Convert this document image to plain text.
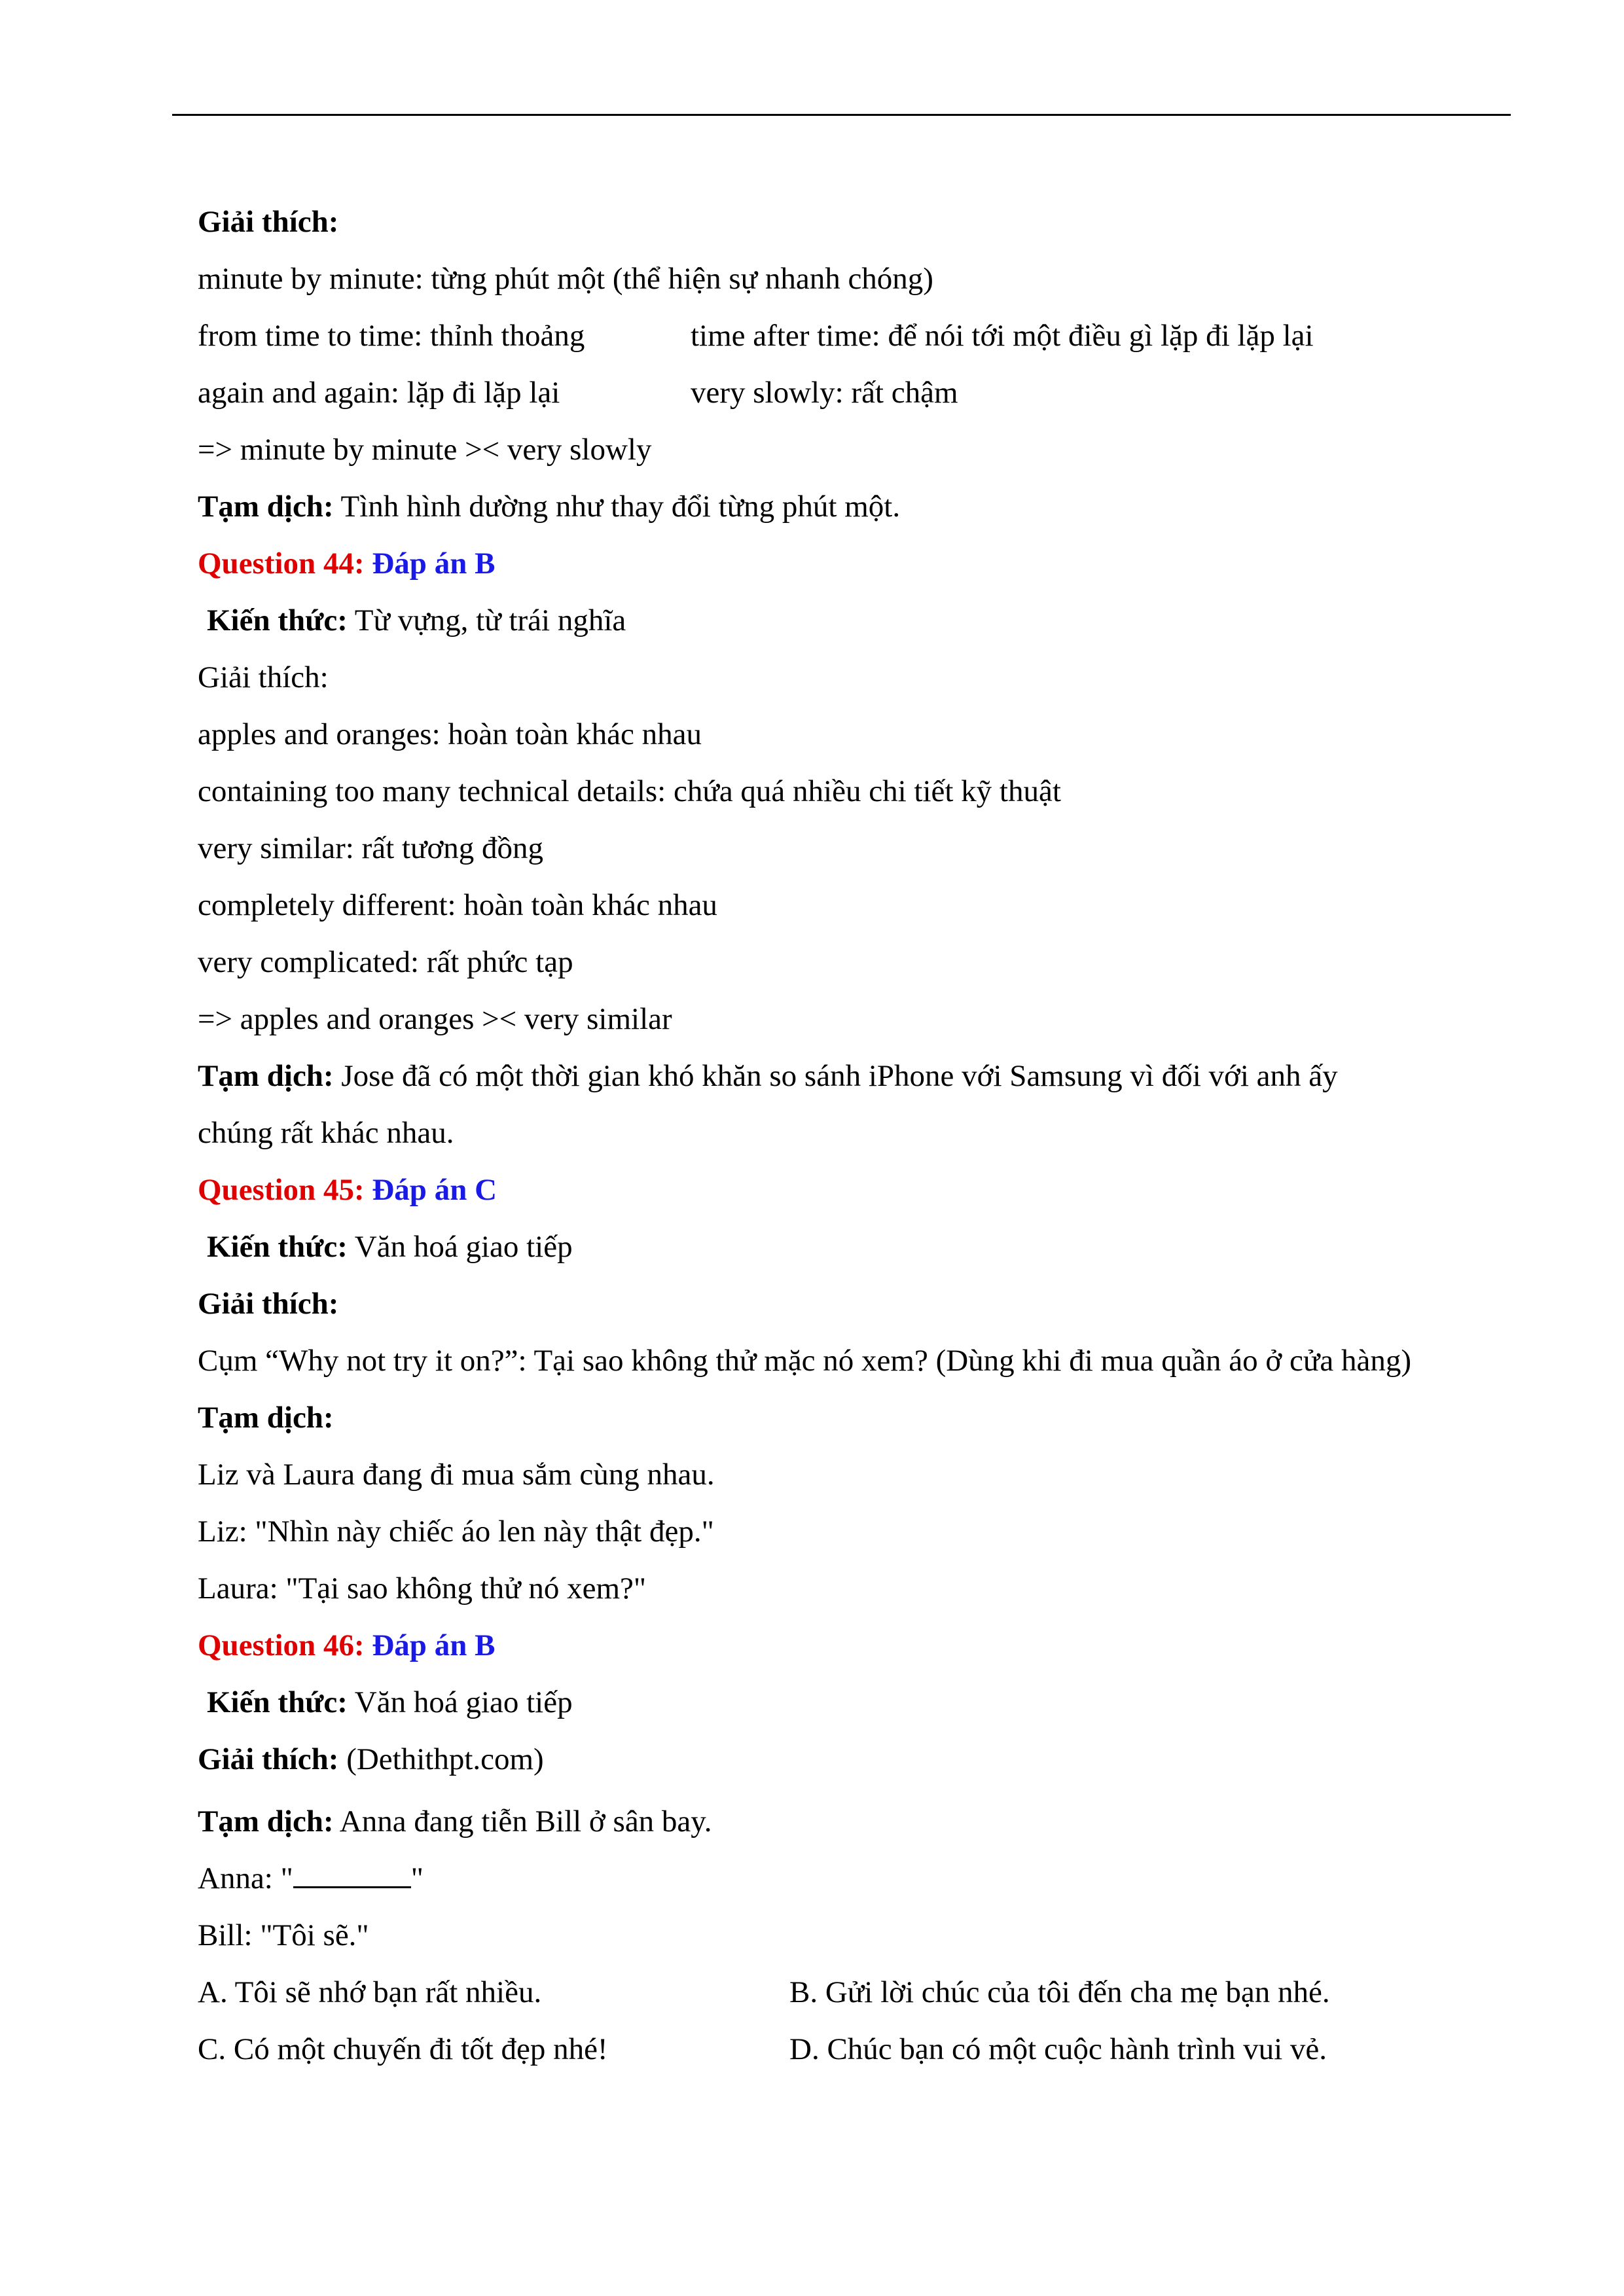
Giải thích:
minute by minute: từng phút một (thể hiện sự nhanh chóng)
from time to time: thỉnh thoảng	time after time: để nói tới một điều gì lặp đi lặp lại
again and again: lặp đi lặp lại	very slowly: rất chậm
=> minute by minute >< very slowly
Tạm dịch: Tình hình dường như thay đổi từng phút một.
Question 44: Đáp án B
Kiến thức: Từ vựng, từ trái nghĩa
Giải thích:
apples and oranges: hoàn toàn khác nhau
containing too many technical details: chứa quá nhiều chi tiết kỹ thuật
very similar: rất tương đồng
completely different: hoàn toàn khác nhau
very complicated: rất phức tạp
=> apples and oranges >< very similar
Tạm dịch: Jose đã có một thời gian khó khăn so sánh iPhone với Samsung vì đối với anh ấy
chúng rất khác nhau.
Question 45: Đáp án C
Kiến thức: Văn hoá giao tiếp
Giải thích:
Cụm “Why not try it on?”: Tại sao không thử mặc nó xem? (Dùng khi đi mua quần áo ở cửa hàng)
Tạm dịch:
Liz và Laura đang đi mua sắm cùng nhau.
Liz: "Nhìn này chiếc áo len này thật đẹp."
Laura: "Tại sao không thử nó xem?"
Question 46: Đáp án B
Kiến thức: Văn hoá giao tiếp
Giải thích: (Dethithpt.com)
Tạm dịch: Anna đang tiễn Bill ở sân bay.
Anna: "	"
Bill: "Tôi sẽ."
A. Tôi sẽ nhớ bạn rất nhiều.	B. Gửi lời chúc của tôi đến cha mẹ bạn nhé.
C. Có một chuyến đi tốt đẹp nhé!	D. Chúc bạn có một cuộc hành trình vui vẻ.
